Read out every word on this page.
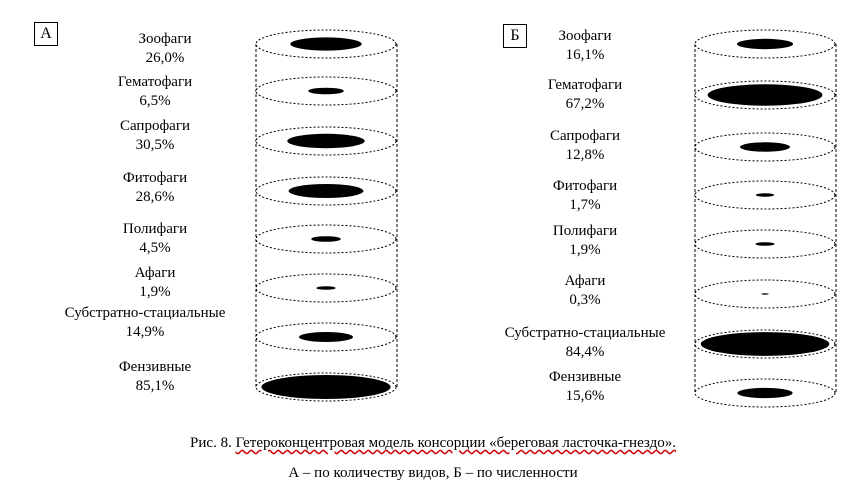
А	Б
Зоофаги
26,0%
Гематофаги
6,5%
Сапрофаги
30,5%
Фитофаги
28,6%
Полифаги
4,5%
Афаги
1,9%
Субстратно-стациальные
14,9%
Фензивные
85,1%
Зоофаги
16,1%
Гематофаги
67,2%
Сапрофаги
12,8%
Фитофаги
1,7%
Полифаги
1,9%
Афаги
0,3%
Субстратно-стациальные
84,4%
Фензивные
15,6%
Рис. 8. Гетероконцентровая модель консорции «береговая ласточка-гнездо».
А – по количеству видов, Б – по численности
